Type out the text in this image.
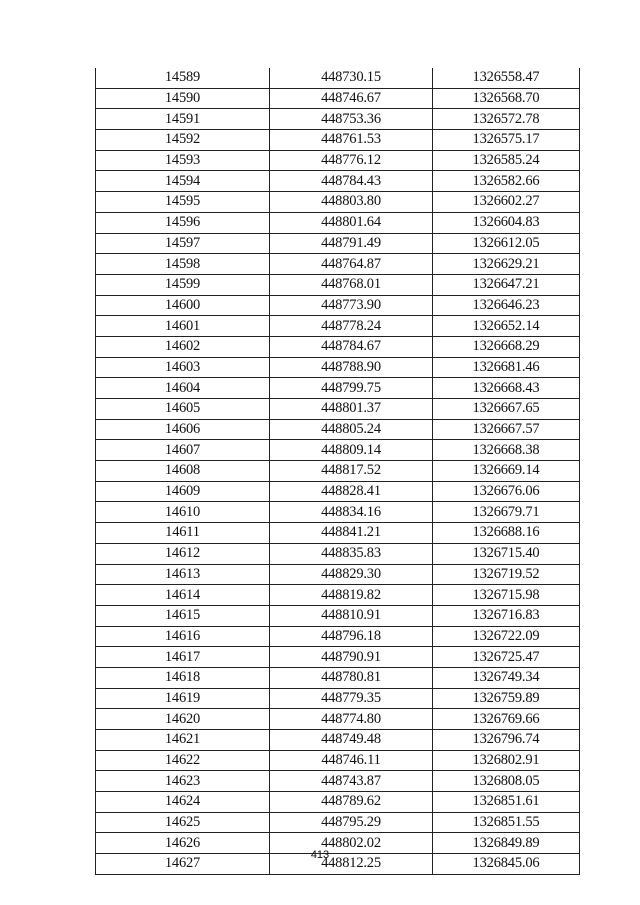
14589	448730.15	1326558.47
14590	448746.67	1326568.70
14591	448753.36	1326572.78
14592	448761.53	1326575.17
14593	448776.12	1326585.24
14594	448784.43	1326582.66
14595	448803.80	1326602.27
14596	448801.64	1326604.83
14597	448791.49	1326612.05
14598	448764.87	1326629.21
14599	448768.01	1326647.21
14600	448773.90	1326646.23
14601	448778.24	1326652.14
14602	448784.67	1326668.29
14603	448788.90	1326681.46
14604	448799.75	1326668.43
14605	448801.37	1326667.65
14606	448805.24	1326667.57
14607	448809.14	1326668.38
14608	448817.52	1326669.14
14609	448828.41	1326676.06
14610	448834.16	1326679.71
14611	448841.21	1326688.16
14612	448835.83	1326715.40
14613	448829.30	1326719.52
14614	448819.82	1326715.98
14615	448810.91	1326716.83
14616	448796.18	1326722.09
14617	448790.91	1326725.47
14618	448780.81	1326749.34
14619	448779.35	1326759.89
14620	448774.80	1326769.66
14621	448749.48	1326796.74
14622	448746.11	1326802.91
14623	448743.87	1326808.05
14624	448789.62	1326851.61
14625	448795.29	1326851.55
14626	448802.02	1326849.89
14627	448812.25	1326845.06
413
